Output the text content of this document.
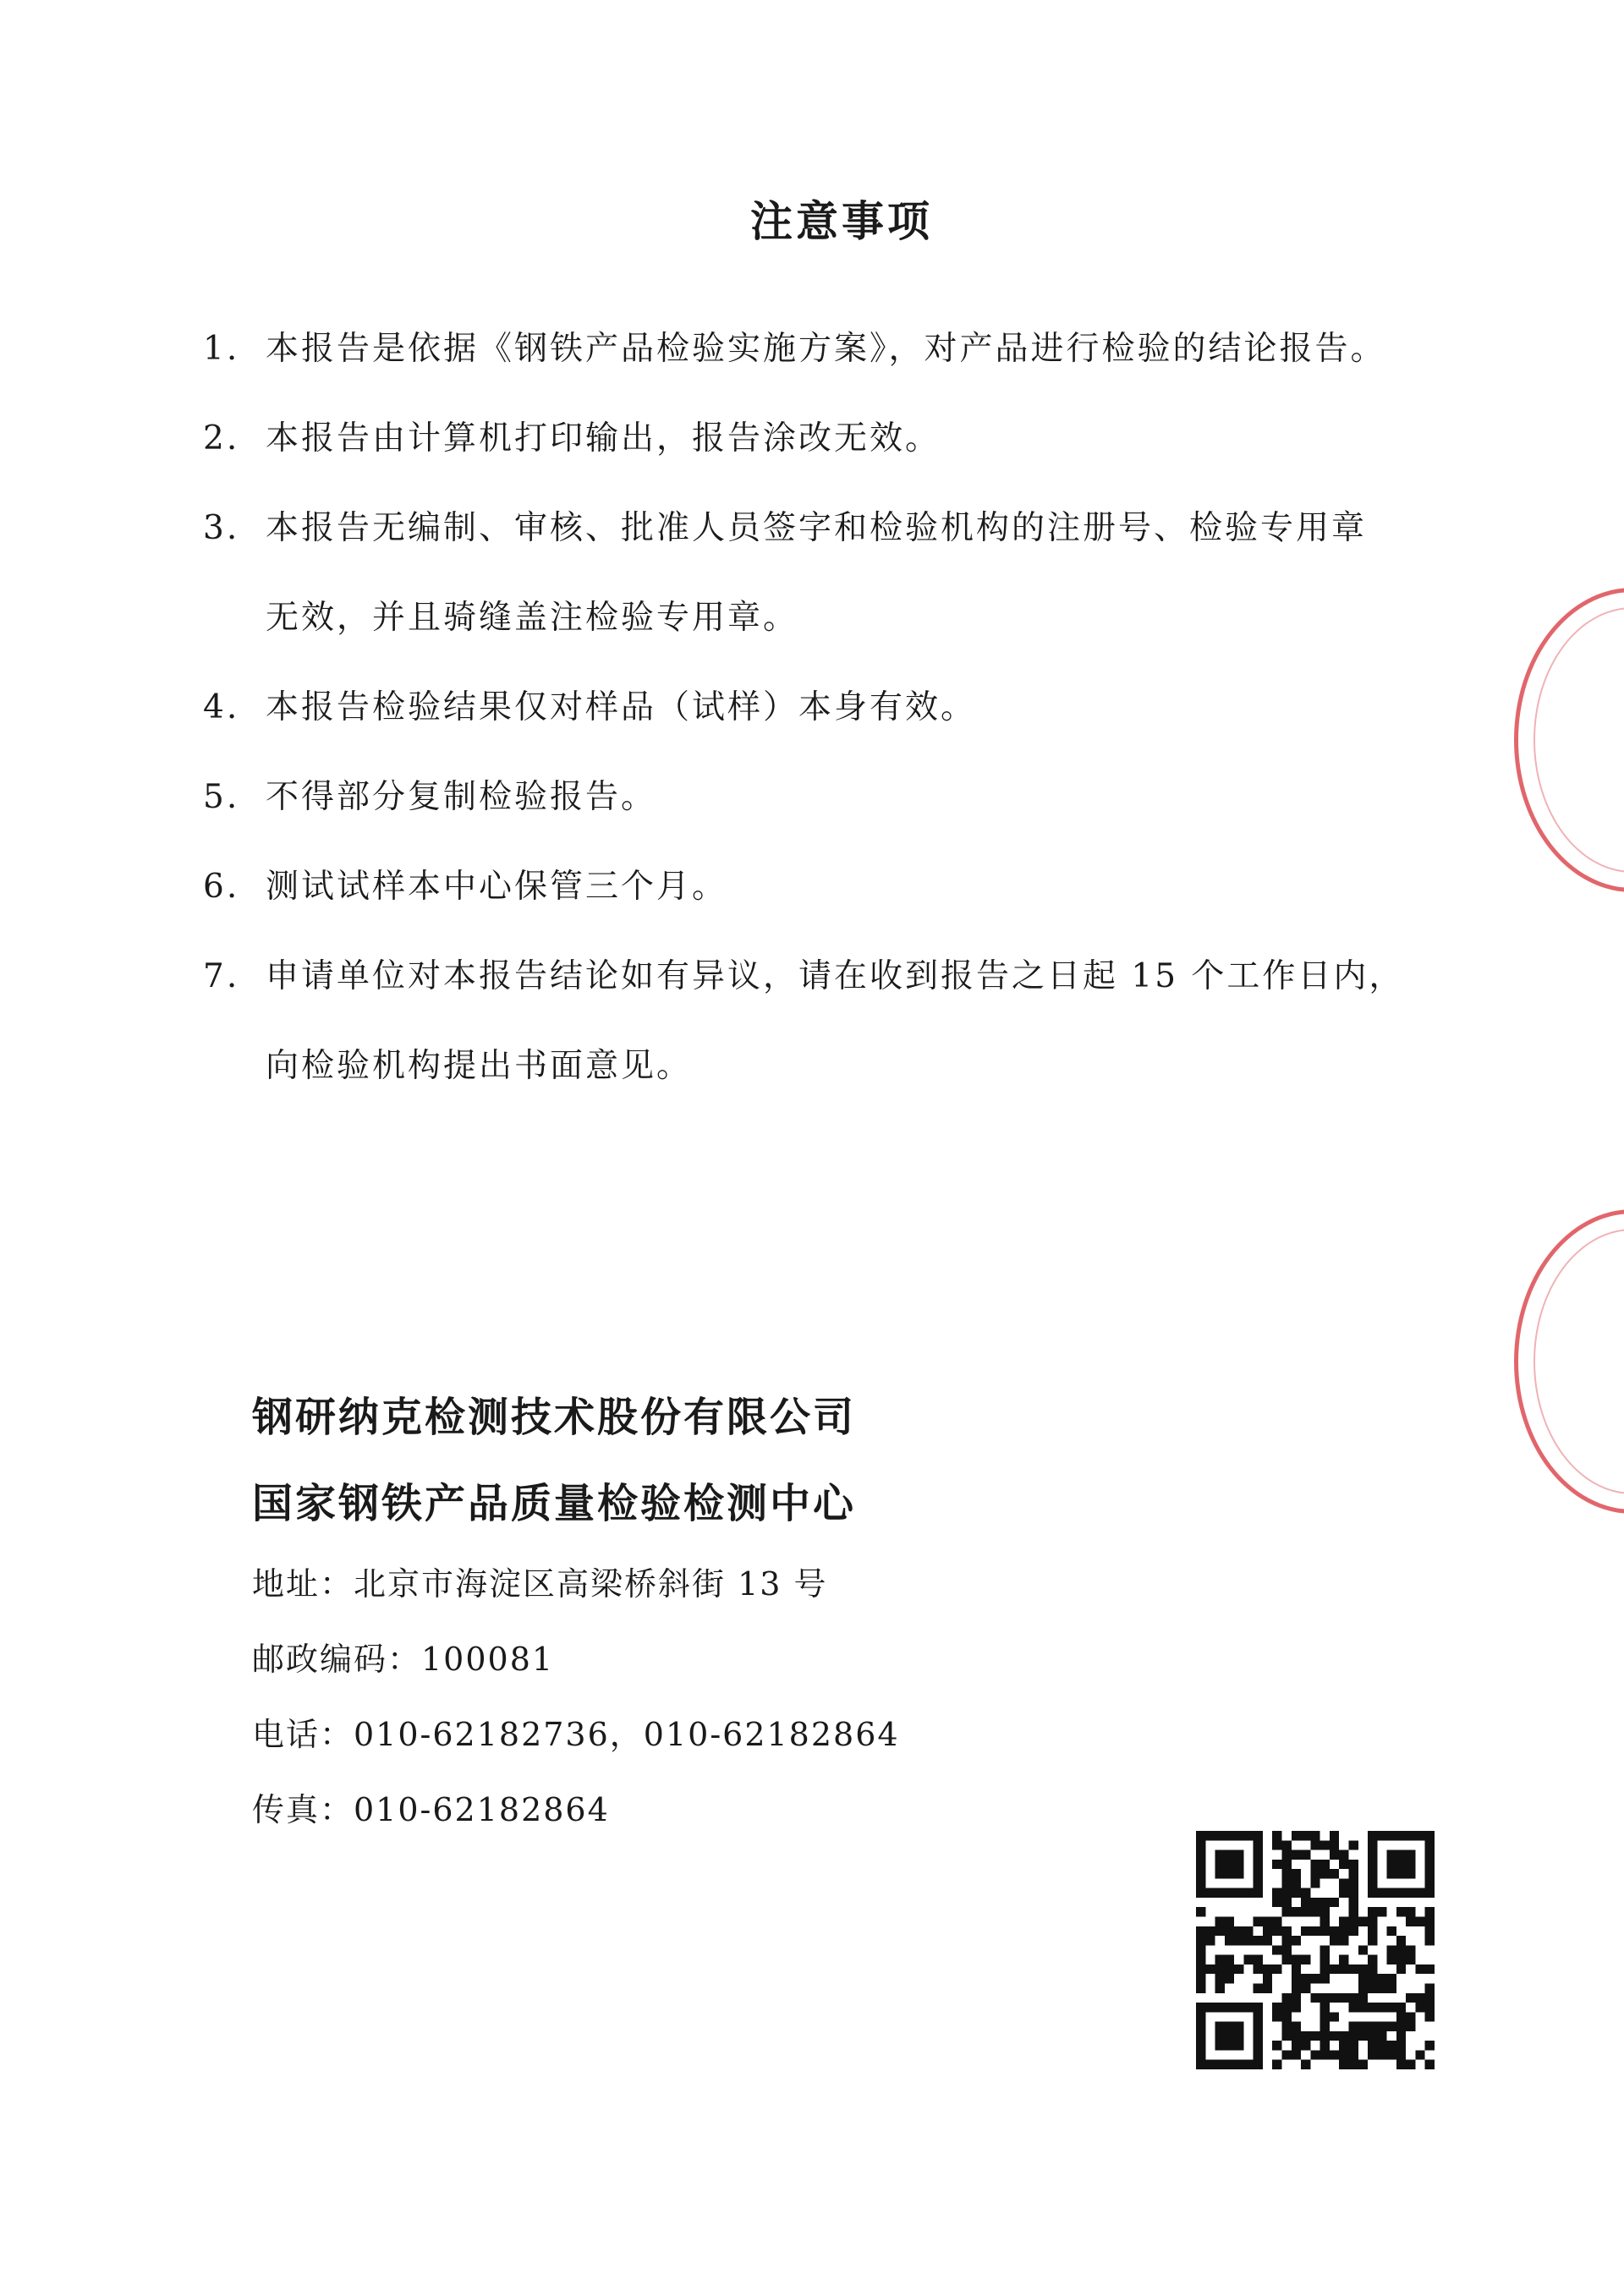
注意事项
1. 本报告是依据《钢铁产品检验实施方案》，对产品进行检验的结论报告。
2. 本报告由计算机打印输出，报告涂改无效。
3. 本报告无编制、审核、批准人员签字和检验机构的注册号、检验专用章
无效，并且骑缝盖注检验专用章。
4. 本报告检验结果仅对样品（试样）本身有效。
5. 不得部分复制检验报告。
6. 测试试样本中心保管三个月。
7. 申请单位对本报告结论如有异议，请在收到报告之日起 15 个工作日内，
向检验机构提出书面意见。
钢研纳克检测技术股份有限公司
国家钢铁产品质量检验检测中心
地址：北京市海淀区高梁桥斜街 13 号
邮政编码：100081
电话：010-62182736，010-62182864
传真：010-62182864
